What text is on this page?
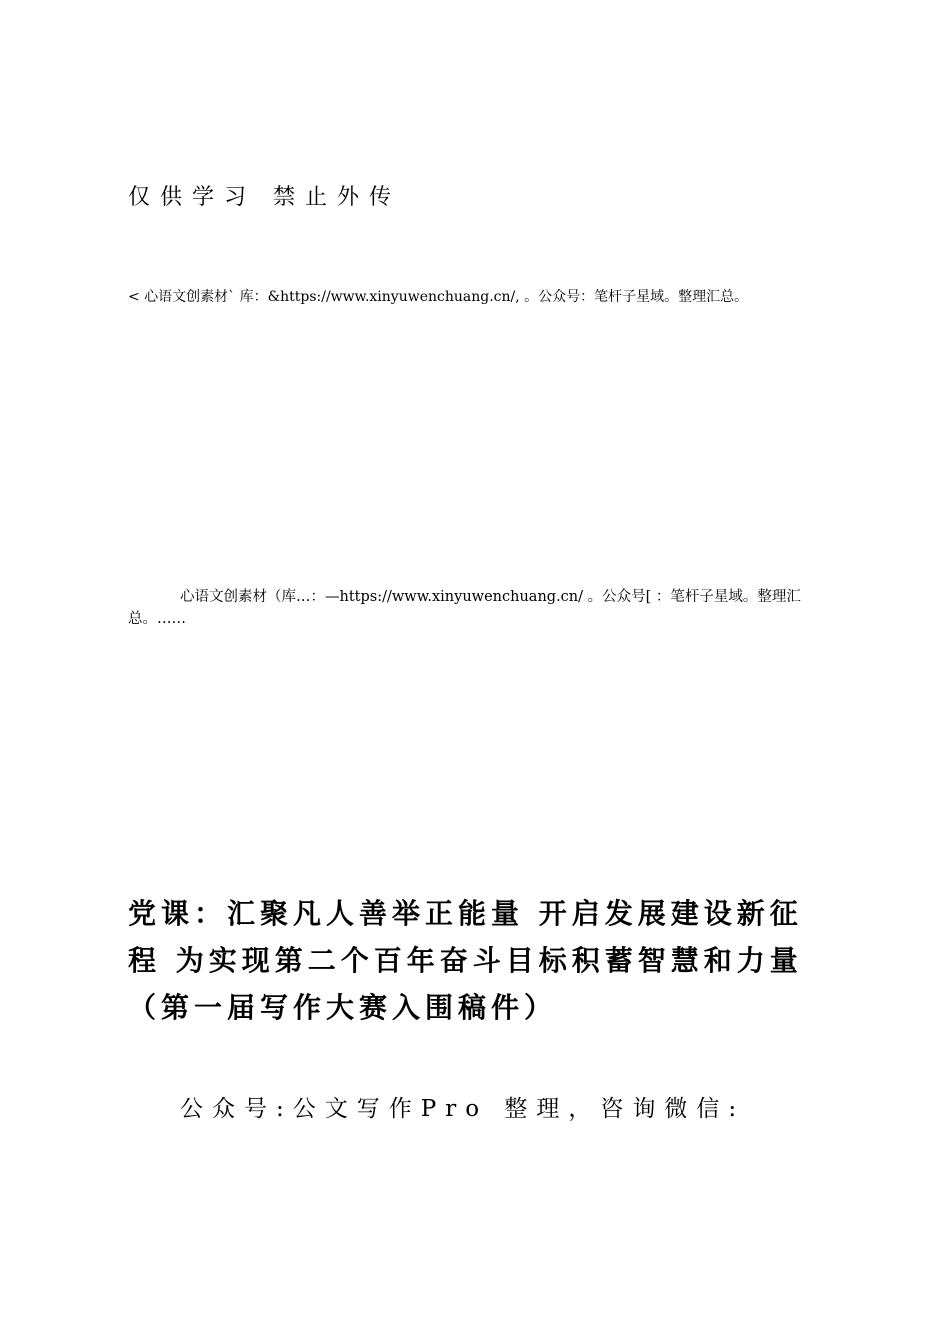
仅供学习 禁止外传
< 心语文创素材` 库：&https://www.xinyuwenchuang.cn/, 。公众号：笔杆子星域。整理汇总。
心语文创素材（库…：—https://www.xinyuwenchuang.cn/ 。公众号[ ：笔杆子星域。整理汇总。……
党课：汇聚凡人善举正能量 开启发展建设新征程 为实现第二个百年奋斗目标积蓄智慧和力量（第一届写作大赛入围稿件）
公众号:公文写作Pro 整理，咨询微信:
